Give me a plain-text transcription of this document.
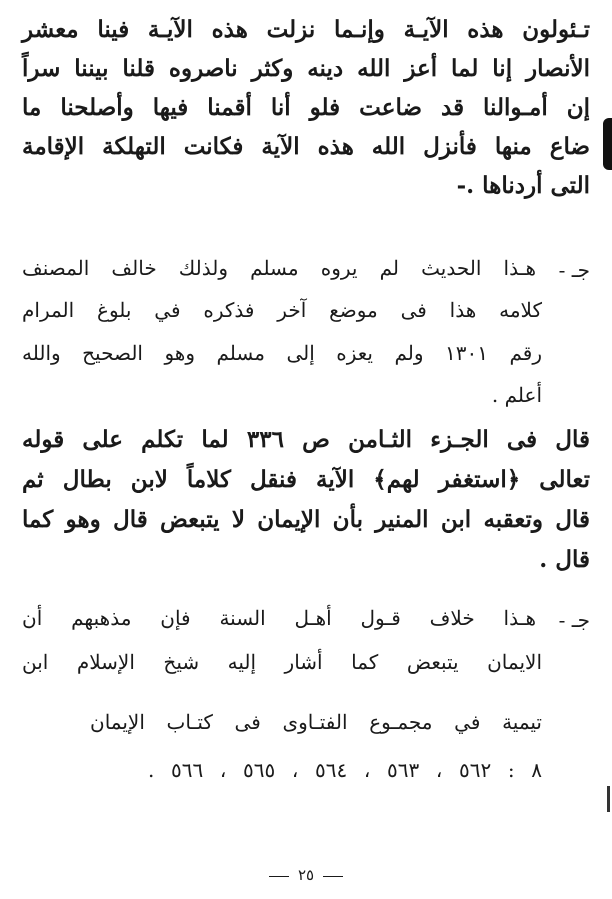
تـئولون هذه الآيـة وإنـما نزلت هذه الآيـة فينا معشر
الأنصار إنا لما أعز الله دينه وكثر ناصروه قلنا بيننا سراً
إن أمـوالنا قد ضاعت فلو أنا أقمنا فيها وأصلحنا ما
ضاع منها فأنزل الله هذه الآية فكانت التهلكة الإقامة
التى أردناها .-
جـ -
هـذا الحديث لم يروه مسلم ولذلك خالف المصنف
كلامه هذا فى موضع آخر فذكره في بلوغ المرام
رقم ١٣٠١ ولم يعزه إلى مسلم وهو الصحيح والله
أعلم .
قال فى الجـزء الثـامن ص ٣٣٦ لما تكلم على قوله
تعالى ﴿استغفر لهم﴾ الآية فنقل كلاماً لابن بطال ثم
قال وتعقبه ابن المنير بأن الإيمان لا يتبعض قال وهو كما
قال .
جـ -
هـذا خلاف قـول أهـل السنة فإن مذهبهم أن
الايمان يتبعض كما أشار إليه شيخ الإسلام ابن
تيمية في مجمـوع الفتـاوى فى كتـاب الإيمان
٨ : ٥٦٢ ، ٥٦٣ ، ٥٦٤ ، ٥٦٥ ، ٥٦٦ .
٢٥
